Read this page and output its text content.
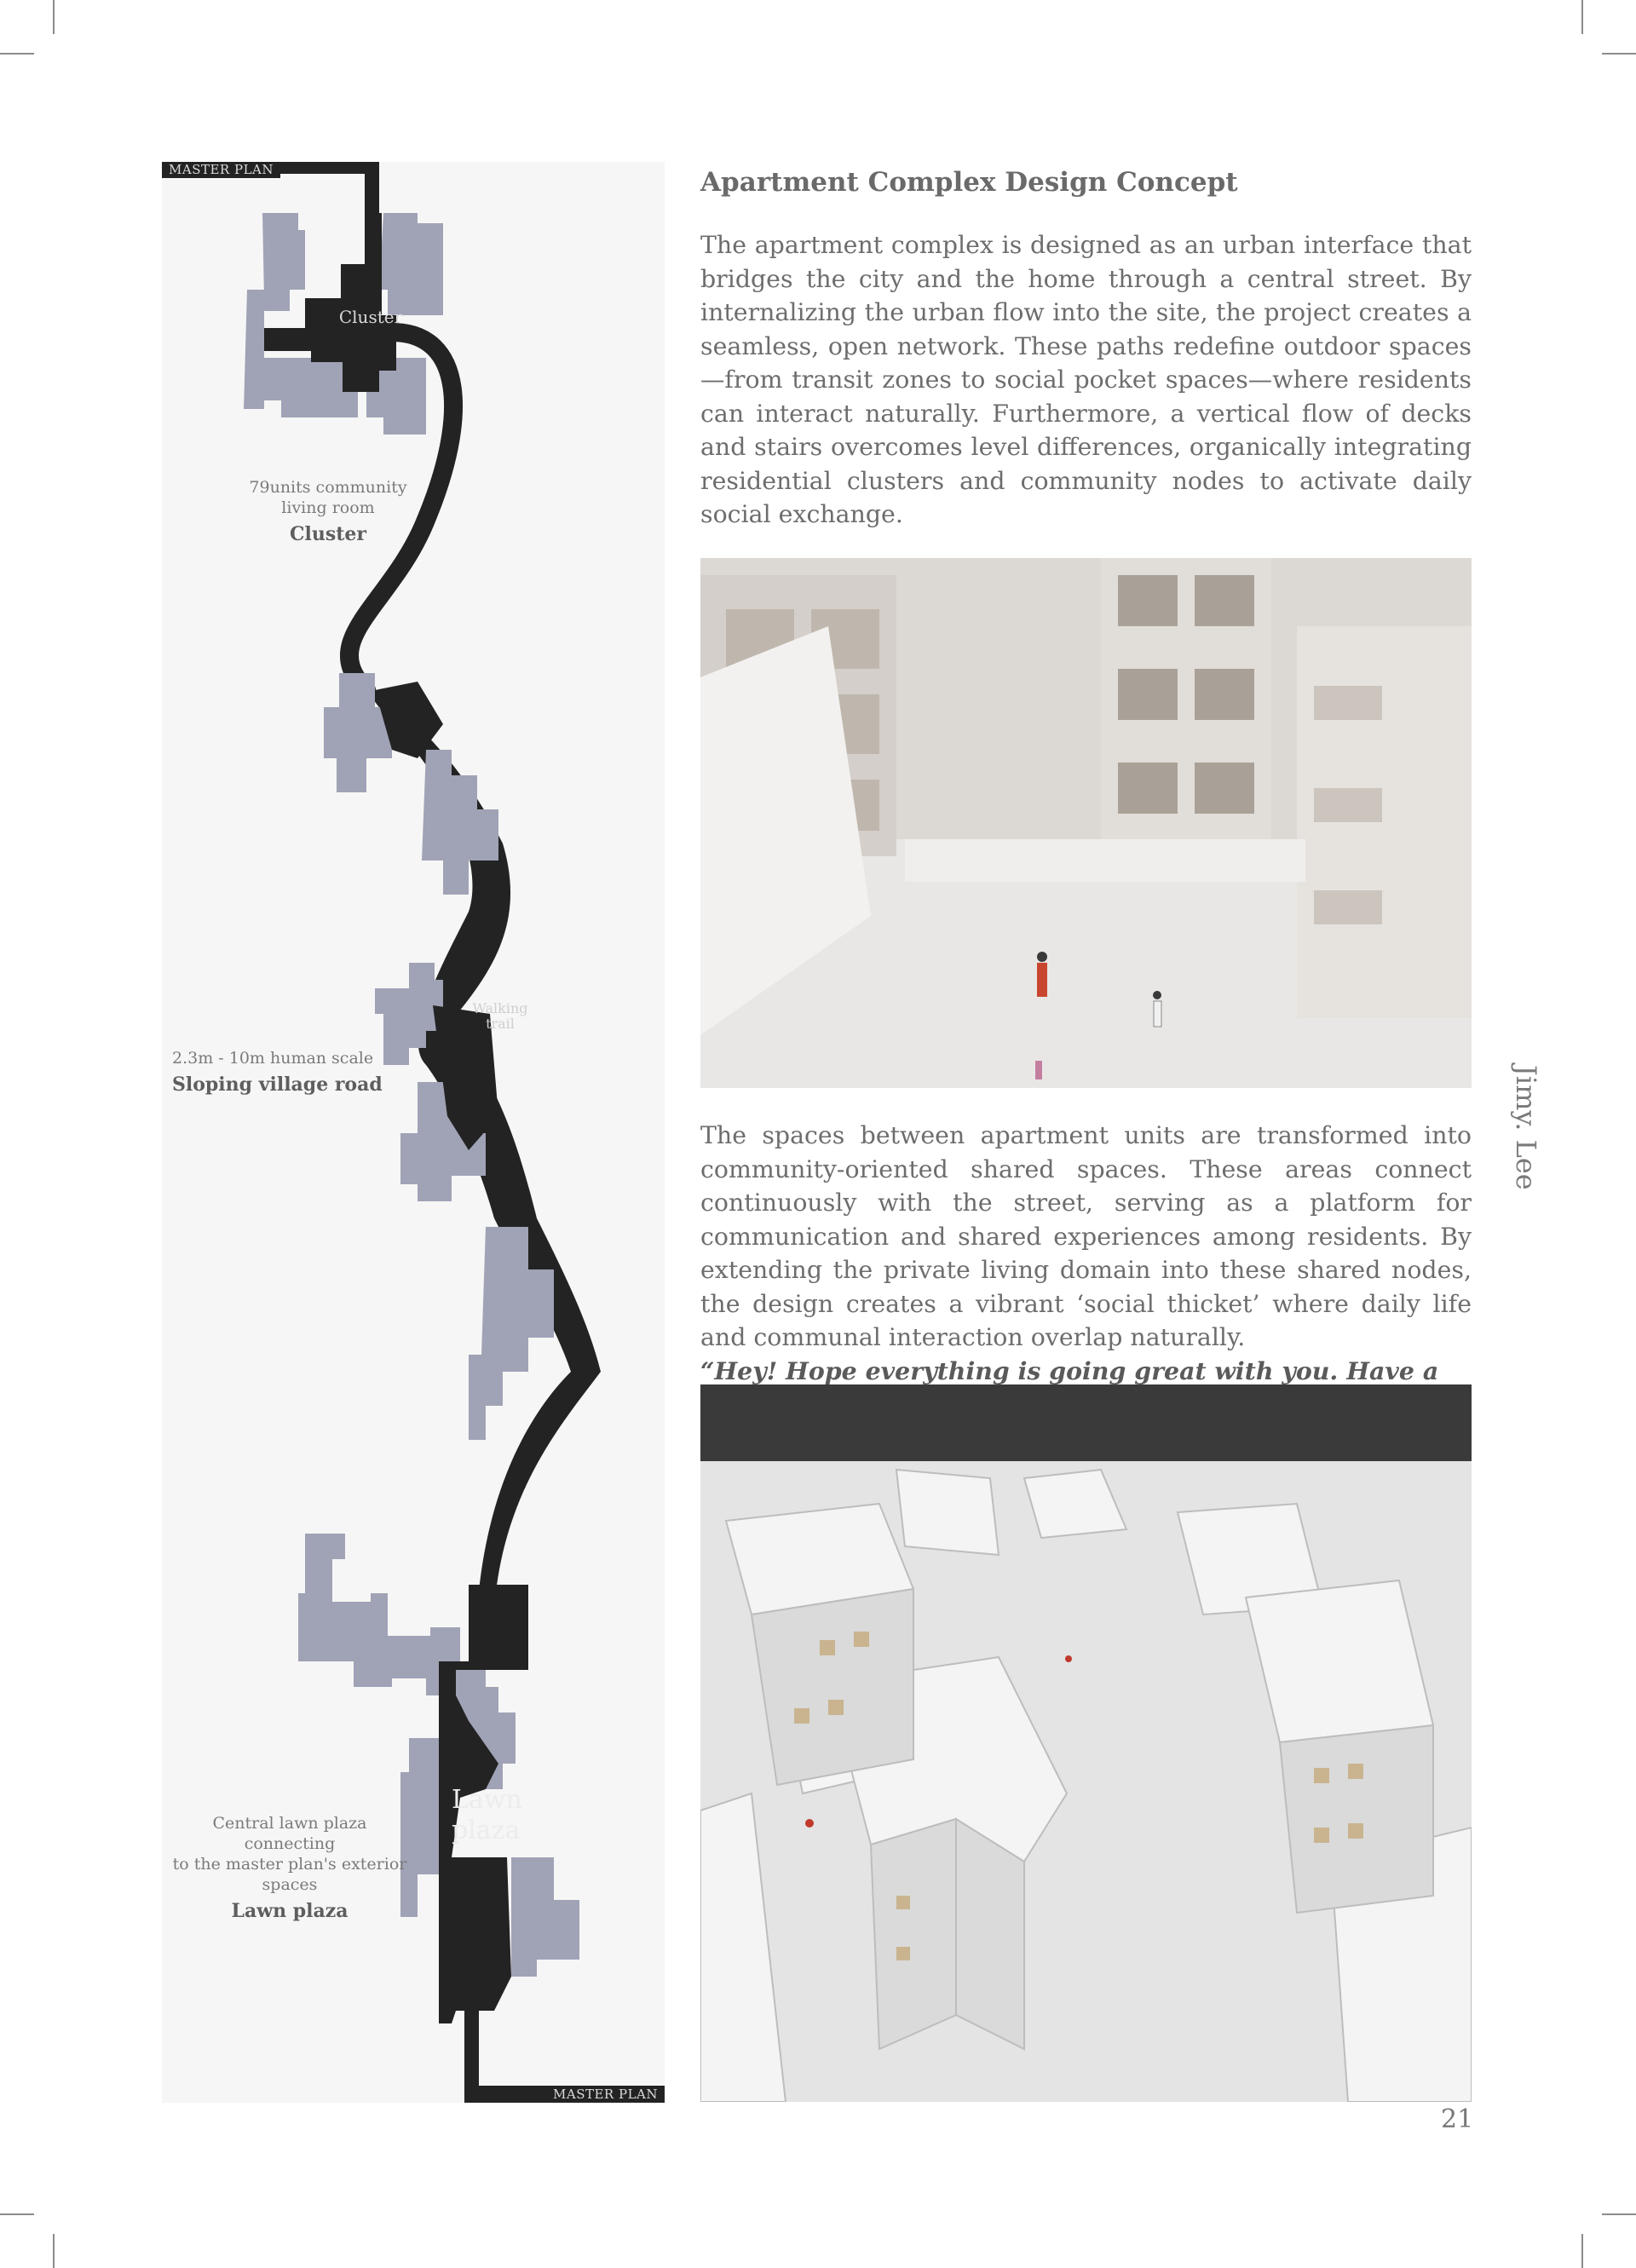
MASTER PLAN
MASTER PLAN
Cluster
Walking
trail
Lawn
plaza

79units community
living room

Cluster

2.3m - 10m human scale

Sloping village road

Central lawn plaza
connecting
to the master plan's exterior
spaces

Lawn plaza

Apartment Complex Design Concept

The apartment complex is designed as an urban interface that bridges the city and the home through a central street. By internalizing the urban flow into the site, the project creates a seamless, open network. These paths redefine outdoor spaces—from transit zones to social pocket spaces—where residents can interact naturally. Furthermore, a vertical flow of decks and stairs overcomes level differences, organically integrating residential clusters and community nodes to activate daily social exchange.

The spaces between apartment units are transformed into community-oriented shared spaces. These areas connect continuously with the street, serving as a platform for communication and shared experiences among residents. By extending the private living domain into these shared nodes, the design creates a vibrant ‘social thicket’ where daily life and communal interaction overlap naturally.
“Hey! Hope everything is going great with you. Have a

Jimy. Lee
21
